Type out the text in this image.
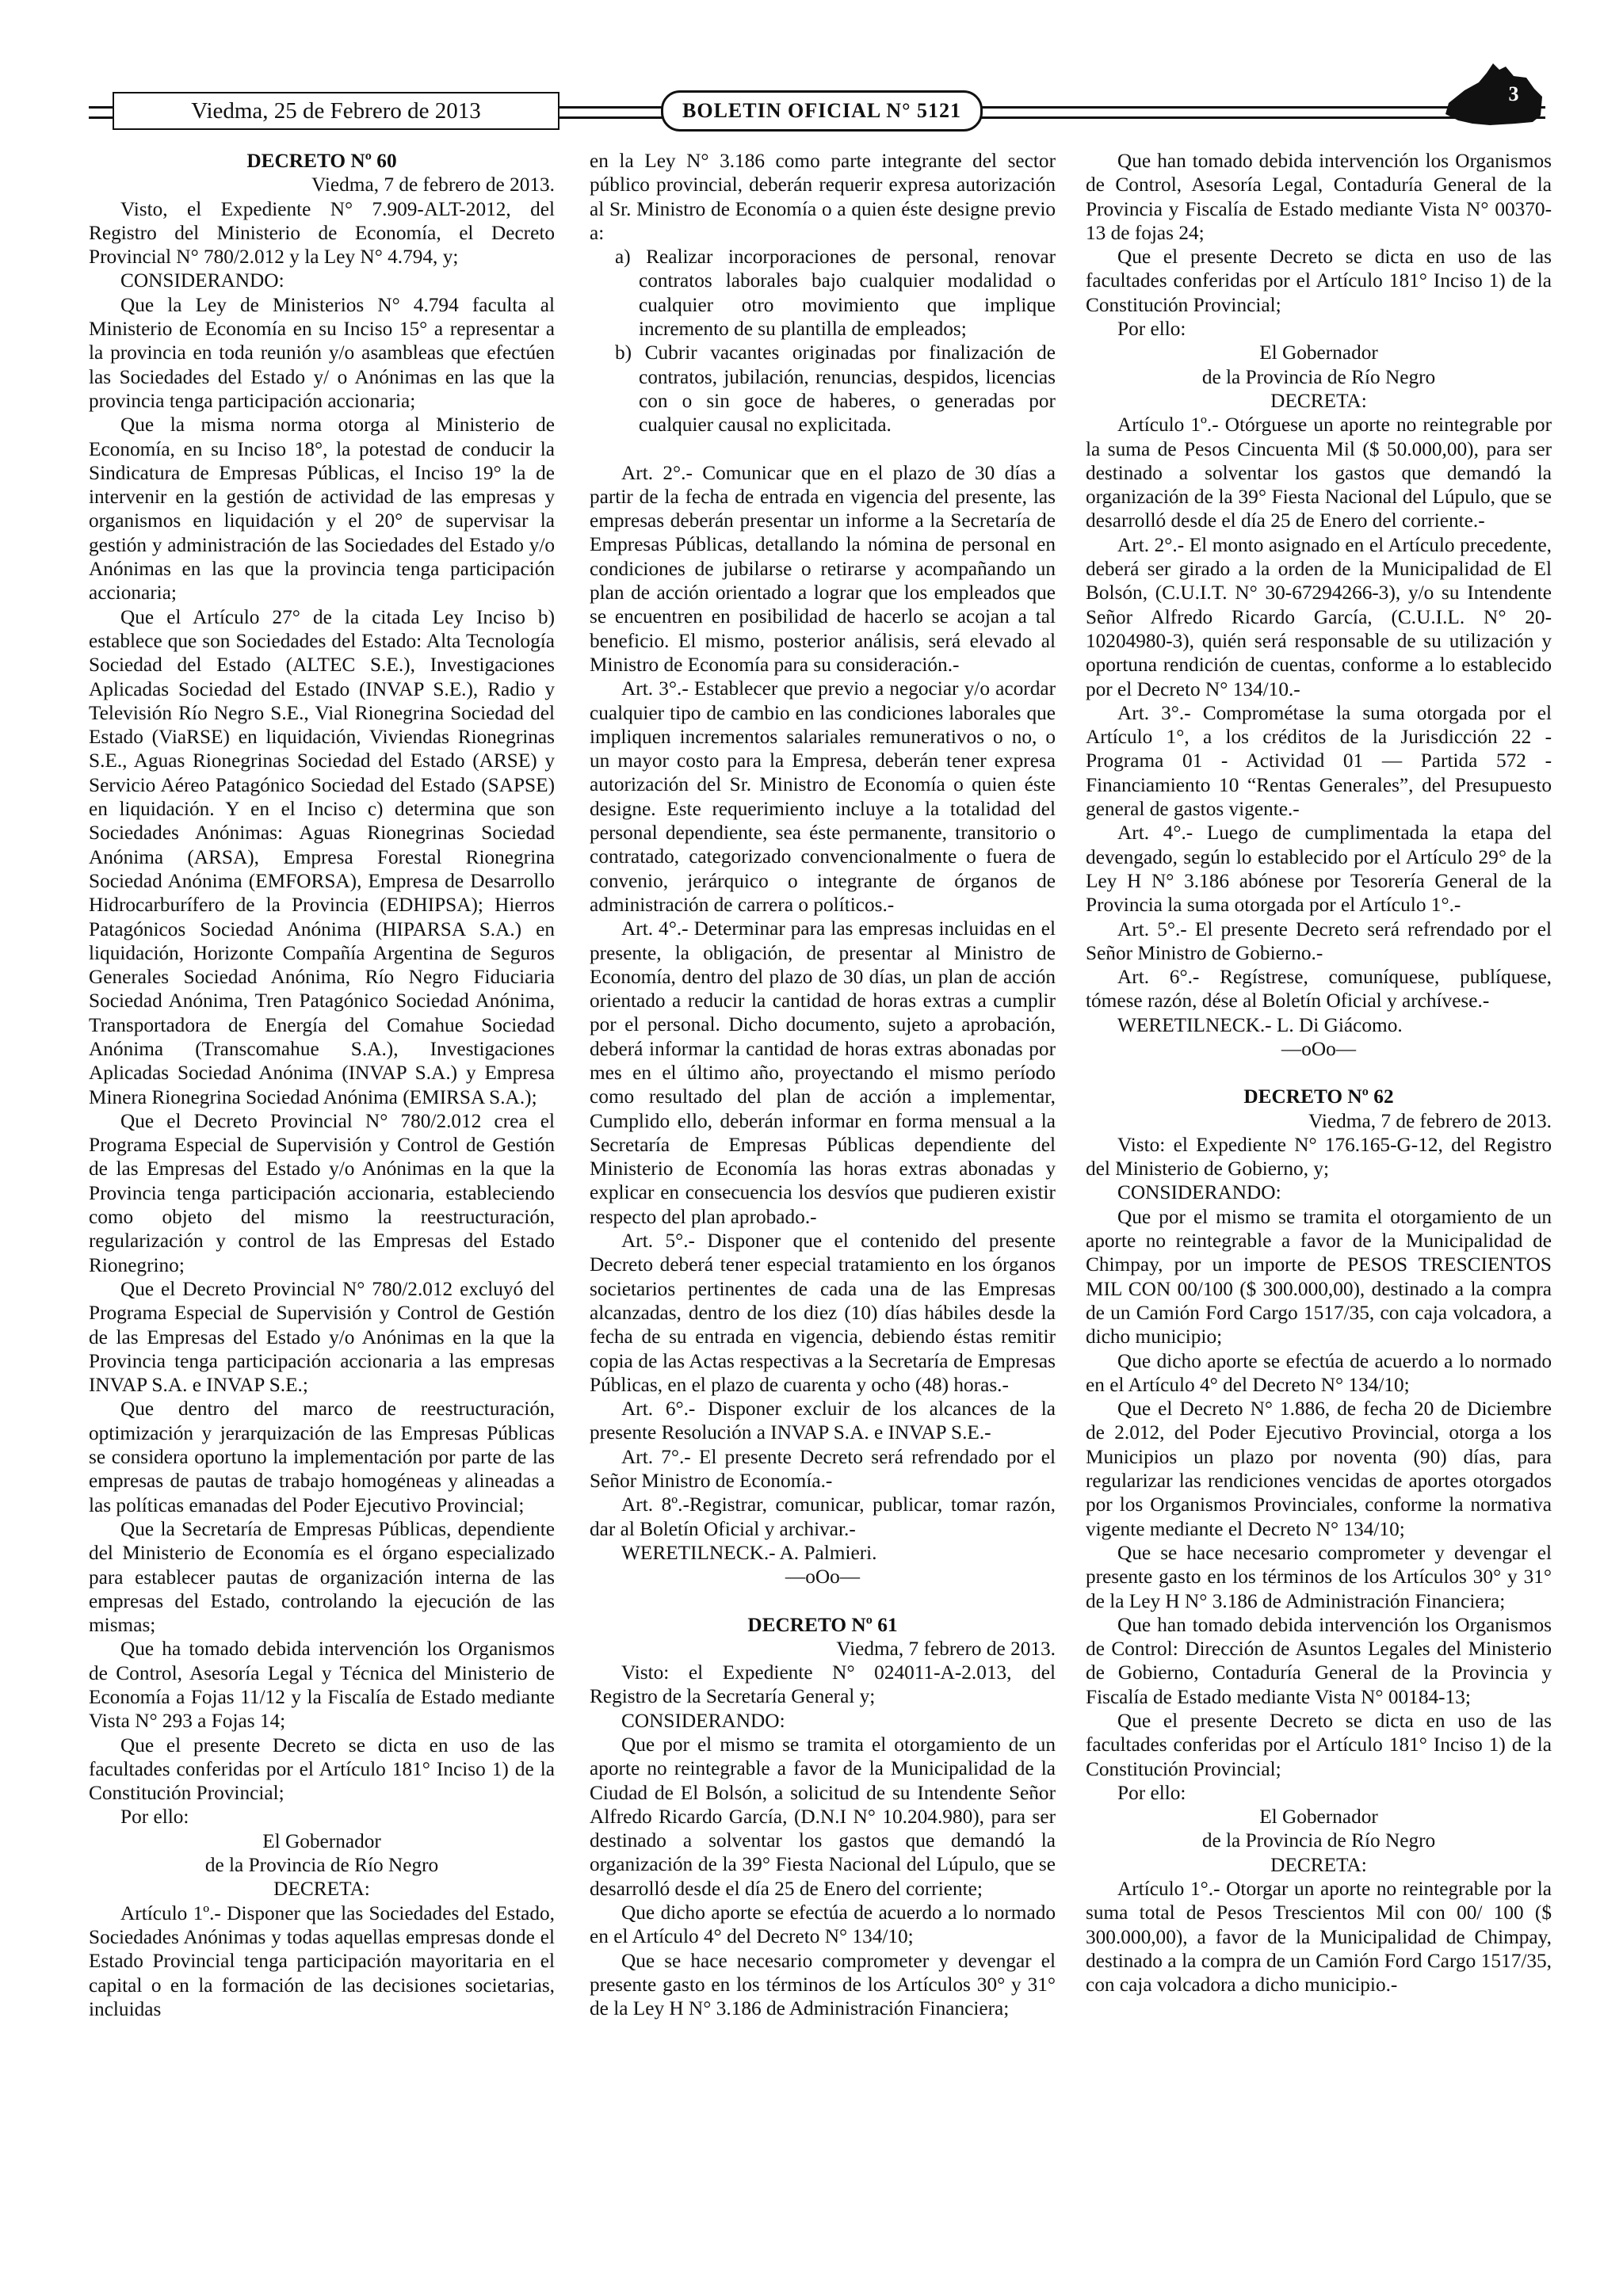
Viedma, 25 de Febrero de 2013	BOLETIN OFICIAL N° 5121
3

DECRETO Nº 60

Viedma, 7 de febrero de 2013.

Visto, el Expediente N° 7.909-ALT-2012, del Registro del Ministerio de Economía, el Decreto Provincial N° 780/2.012 y la Ley N° 4.794, y;

CONSIDERANDO:

Que la Ley de Ministerios N° 4.794 faculta al Ministerio de Economía en su Inciso 15° a representar a la provincia en toda reunión y/o asambleas que efectúen las Sociedades del Estado y/ o Anónimas en las que la provincia tenga participación accionaria;

Que la misma norma otorga al Ministerio de Economía, en su Inciso 18°, la potestad de conducir la Sindicatura de Empresas Públicas, el Inciso 19° la de intervenir en la gestión de actividad de las empresas y organismos en liquidación y el 20° de supervisar la gestión y administración de las Sociedades del Estado y/o Anónimas en las que la provincia tenga participación accionaria;

Que el Artículo 27° de la citada Ley Inciso b) establece que son Sociedades del Estado: Alta Tecnología Sociedad del Estado (ALTEC S.E.), Investigaciones Aplicadas Sociedad del Estado (INVAP S.E.), Radio y Televisión Río Negro S.E., Vial Rionegrina Sociedad del Estado (ViaRSE) en liquidación, Viviendas Rionegrinas S.E., Aguas Rionegrinas Sociedad del Estado (ARSE) y Servicio Aéreo Patagónico Sociedad del Estado (SAPSE) en liquidación. Y en el Inciso c) determina que son Sociedades Anónimas: Aguas Rionegrinas Sociedad Anónima (ARSA), Empresa Forestal Rionegrina Sociedad Anónima (EMFORSA), Empresa de Desarrollo Hidrocarburífero de la Provincia (EDHIPSA); Hierros Patagónicos Sociedad Anónima (HIPARSA S.A.) en liquidación, Horizonte Compañía Argentina de Seguros Generales Sociedad Anónima, Río Negro Fiduciaria Sociedad Anónima, Tren Patagónico Sociedad Anónima, Transportadora de Energía del Comahue Sociedad Anónima (Transcomahue S.A.), Investigaciones Aplicadas Sociedad Anónima (INVAP S.A.) y Empresa Minera Rionegrina Sociedad Anónima (EMIRSA S.A.);

Que el Decreto Provincial N° 780/2.012 crea el Programa Especial de Supervisión y Control de Gestión de las Empresas del Estado y/o Anónimas en la que la Provincia tenga participación accionaria, estableciendo como objeto del mismo la reestructuración, regularización y control de las Empresas del Estado Rionegrino;

Que el Decreto Provincial N° 780/2.012 excluyó del Programa Especial de Supervisión y Control de Gestión de las Empresas del Estado y/o Anónimas en la que la Provincia tenga participación accionaria a las empresas INVAP S.A. e INVAP S.E.;

Que dentro del marco de reestructuración, optimización y jerarquización de las Empresas Públicas se considera oportuno la implementación por parte de las empresas de pautas de trabajo homogéneas y alineadas a las políticas emanadas del Poder Ejecutivo Provincial;

Que la Secretaría de Empresas Públicas, dependiente del Ministerio de Economía es el órgano especializado para establecer pautas de organización interna de las empresas del Estado, controlando la ejecución de las mismas;

Que ha tomado debida intervención los Organismos de Control, Asesoría Legal y Técnica del Ministerio de Economía a Fojas 11/12 y la Fiscalía de Estado mediante Vista N° 293 a Fojas 14;

Que el presente Decreto se dicta en uso de las facultades conferidas por el Artículo 181° Inciso 1) de la Constitución Provincial;

Por ello:

El Gobernador

de la Provincia de Río Negro

DECRETA:

Artículo 1º.- Disponer que las Sociedades del Estado, Sociedades Anónimas y todas aquellas empresas donde el Estado Provincial tenga participación mayoritaria en el capital o en la formación de las decisiones societarias, incluidas

en la Ley N° 3.186 como parte integrante del sector público provincial, deberán requerir expresa autorización al Sr. Ministro de Economía o a quien éste designe previo a:

a) Realizar incorporaciones de personal, renovar contratos laborales bajo cualquier modalidad o cualquier otro movimiento que implique incremento de su plantilla de empleados;

b) Cubrir vacantes originadas por finalización de contratos, jubilación, renuncias, despidos, licencias con o sin goce de haberes, o generadas por cualquier causal no explicitada.

Art. 2°.- Comunicar que en el plazo de 30 días a partir de la fecha de entrada en vigencia del presente, las empresas deberán presentar un informe a la Secretaría de Empresas Públicas, detallando la nómina de personal en condiciones de jubilarse o retirarse y acompañando un plan de acción orientado a lograr que los empleados que se encuentren en posibilidad de hacerlo se acojan a tal beneficio. El mismo, posterior análisis, será elevado al Ministro de Economía para su consideración.-

Art. 3°.- Establecer que previo a negociar y/o acordar cualquier tipo de cambio en las condiciones laborales que impliquen incrementos salariales remunerativos o no, o un mayor costo para la Empresa, deberán tener expresa autorización del Sr. Ministro de Economía o quien éste designe. Este requerimiento incluye a la totalidad del personal dependiente, sea éste permanente, transitorio o contratado, categorizado convencionalmente o fuera de convenio, jerárquico o integrante de órganos de administración de carrera o políticos.-

Art. 4°.- Determinar para las empresas incluidas en el presente, la obligación, de presentar al Ministro de Economía, dentro del plazo de 30 días, un plan de acción orientado a reducir la cantidad de horas extras a cumplir por el personal. Dicho documento, sujeto a aprobación, deberá informar la cantidad de horas extras abonadas por mes en el último año, proyectando el mismo período como resultado del plan de acción a implementar, Cumplido ello, deberán informar en forma mensual a la Secretaría de Empresas Públicas dependiente del Ministerio de Economía las horas extras abonadas y explicar en consecuencia los desvíos que pudieren existir respecto del plan aprobado.-

Art. 5°.- Disponer que el contenido del presente Decreto deberá tener especial tratamiento en los órganos societarios pertinentes de cada una de las Empresas alcanzadas, dentro de los diez (10) días hábiles desde la fecha de su entrada en vigencia, debiendo éstas remitir copia de las Actas respectivas a la Secretaría de Empresas Públicas, en el plazo de cuarenta y ocho (48) horas.-

Art. 6°.- Disponer excluir de los alcances de la presente Resolución a INVAP S.A. e INVAP S.E.-

Art. 7°.- El presente Decreto será refrendado por el Señor Ministro de Economía.-

Art. 8º.-Registrar, comunicar, publicar, tomar razón, dar al Boletín Oficial y archivar.-

WERETILNECK.- A. Palmieri.

—oOo—

DECRETO Nº 61

Viedma, 7 febrero de 2013.

Visto: el Expediente N° 024011-A-2.013, del Registro de la Secretaría General y;

CONSIDERANDO:

Que por el mismo se tramita el otorgamiento de un aporte no reintegrable a favor de la Municipalidad de la Ciudad de El Bolsón, a solicitud de su Intendente Señor Alfredo Ricardo García, (D.N.I N° 10.204.980), para ser destinado a solventar los gastos que demandó la organización de la 39° Fiesta Nacional del Lúpulo, que se desarrolló desde el día 25 de Enero del corriente;

Que dicho aporte se efectúa de acuerdo a lo normado en el Artículo 4° del Decreto N° 134/10;

Que se hace necesario comprometer y devengar el presente gasto en los términos de los Artículos 30° y 31° de la Ley H N° 3.186 de Administración Financiera;

Que han tomado debida intervención los Organismos de Control, Asesoría Legal, Contaduría General de la Provincia y Fiscalía de Estado mediante Vista N° 00370-13 de fojas 24;

Que el presente Decreto se dicta en uso de las facultades conferidas por el Artículo 181° Inciso 1) de la Constitución Provincial;

Por ello:

El Gobernador

de la Provincia de Río Negro

DECRETA:

Artículo 1º.- Otórguese un aporte no reintegrable por la suma de Pesos Cincuenta Mil ($ 50.000,00), para ser destinado a solventar los gastos que demandó la organización de la 39° Fiesta Nacional del Lúpulo, que se desarrolló desde el día 25 de Enero del corriente.-

Art. 2°.- El monto asignado en el Artículo precedente, deberá ser girado a la orden de la Municipalidad de El Bolsón, (C.U.I.T. N° 30-67294266-3), y/o su Intendente Señor Alfredo Ricardo García, (C.U.I.L. N° 20-10204980-3), quién será responsable de su utilización y oportuna rendición de cuentas, conforme a lo establecido por el Decreto N° 134/10.-

Art. 3°.- Comprométase la suma otorgada por el Artículo 1°, a los créditos de la Jurisdicción 22 - Programa 01 - Actividad 01 — Partida 572 - Financiamiento 10 “Rentas Generales”, del Presupuesto general de gastos vigente.-

Art. 4°.- Luego de cumplimentada la etapa del devengado, según lo establecido por el Artículo 29° de la Ley H N° 3.186 abónese por Tesorería General de la Provincia la suma otorgada por el Artículo 1°.-

Art. 5°.- El presente Decreto será refrendado por el Señor Ministro de Gobierno.-

Art. 6°.- Regístrese, comuníquese, publíquese, tómese razón, dése al Boletín Oficial y archívese.-

WERETILNECK.- L. Di Giácomo.

—oOo—

DECRETO Nº 62

Viedma, 7 de febrero de 2013.

Visto: el Expediente N° 176.165-G-12, del Registro del Ministerio de Gobierno, y;

CONSIDERANDO:

Que por el mismo se tramita el otorgamiento de un aporte no reintegrable a favor de la Municipalidad de Chimpay, por un importe de PESOS TRESCIENTOS MIL CON 00/100 ($ 300.000,00), destinado a la compra de un Camión Ford Cargo 1517/35, con caja volcadora, a dicho municipio;

Que dicho aporte se efectúa de acuerdo a lo normado en el Artículo 4° del Decreto N° 134/10;

Que el Decreto N° 1.886, de fecha 20 de Diciembre de 2.012, del Poder Ejecutivo Provincial, otorga a los Municipios un plazo por noventa (90) días, para regularizar las rendiciones vencidas de aportes otorgados por los Organismos Provinciales, conforme la normativa vigente mediante el Decreto N° 134/10;

Que se hace necesario comprometer y devengar el presente gasto en los términos de los Artículos 30° y 31° de la Ley H N° 3.186 de Administración Financiera;

Que han tomado debida intervención los Organismos de Control: Dirección de Asuntos Legales del Ministerio de Gobierno, Contaduría General de la Provincia y Fiscalía de Estado mediante Vista N° 00184-13;

Que el presente Decreto se dicta en uso de las facultades conferidas por el Artículo 181° Inciso 1) de la Constitución Provincial;

Por ello:

El Gobernador

de la Provincia de Río Negro

DECRETA:

Artículo 1°.- Otorgar un aporte no reintegrable por la suma total de Pesos Trescientos Mil con 00/ 100 ($ 300.000,00), a favor de la Municipalidad de Chimpay, destinado a la compra de un Camión Ford Cargo 1517/35, con caja volcadora a dicho municipio.-
